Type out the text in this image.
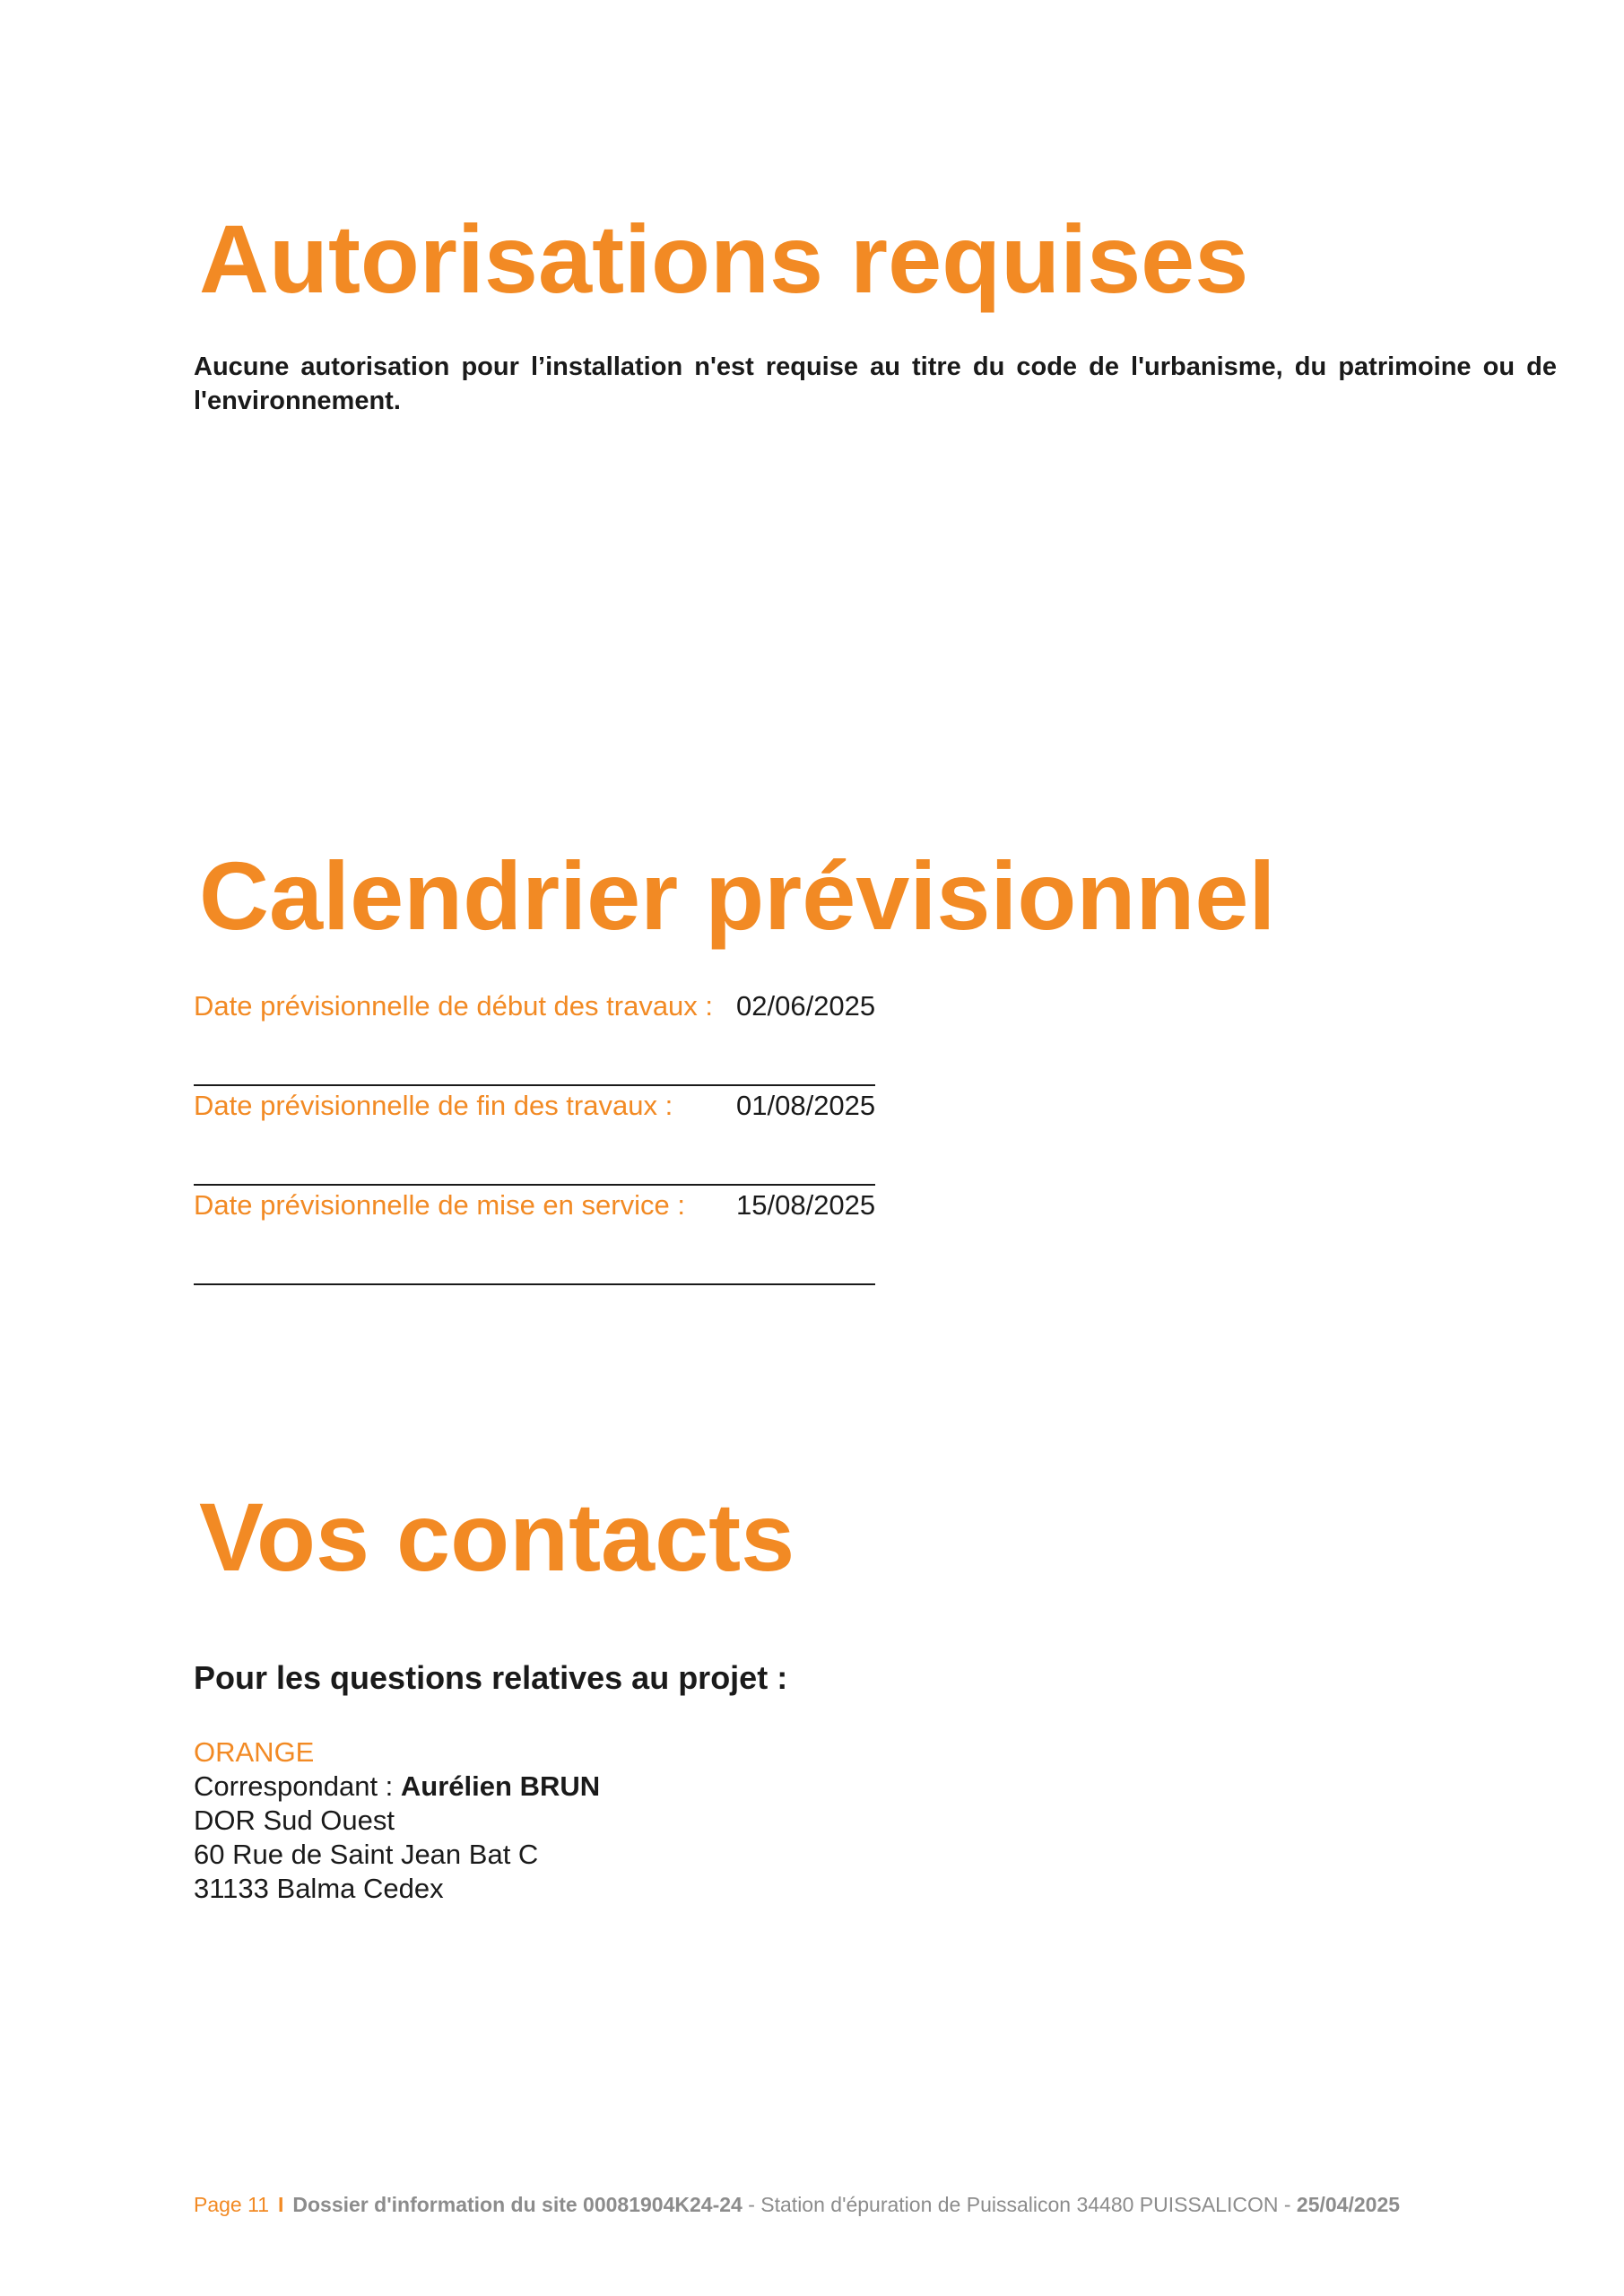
Autorisations requises
Aucune autorisation pour l’installation n'est requise au titre du code de l'urbanisme, du patrimoine ou de l'environnement.
Calendrier prévisionnel
Date prévisionnelle de début des travaux : 02/06/2025
Date prévisionnelle de fin des travaux : 01/08/2025
Date prévisionnelle de mise en service : 15/08/2025
Vos contacts
Pour les questions relatives au projet :
ORANGE
Correspondant : Aurélien BRUN
DOR Sud Ouest
60 Rue de Saint Jean Bat C
31133 Balma Cedex
Page 11 I Dossier d'information du site 00081904K24-24 - Station d'épuration de Puissalicon 34480 PUISSALICON - 25/04/2025
